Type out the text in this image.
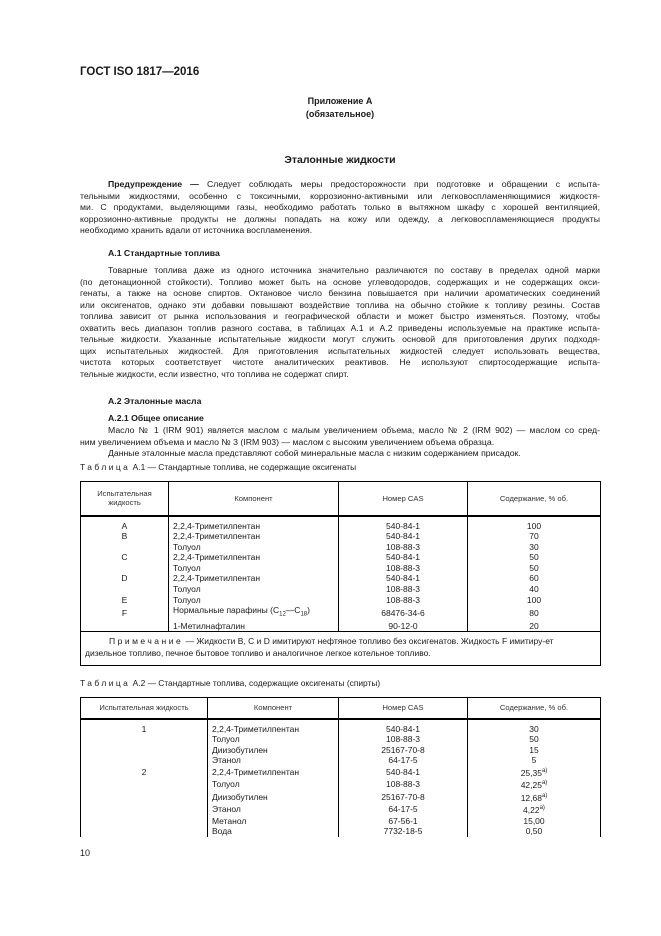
ГОСТ ISO 1817—2016
Приложение А
(обязательное)
Эталонные жидкости
Предупреждение — Следует соблюдать меры предосторожности при подготовке и обращении с испыта-
тельными жидкостями, особенно с токсичными, коррозионно-активными или легковоспламеняющимися жидкостя-
ми. С продуктами, выделяющими газы, необходимо работать только в вытяжном шкафу с хорошей вентиляцией,
коррозионно-активные продукты не должны попадать на кожу или одежду, а легковоспламеняющиеся продукты
необходимо хранить вдали от источника воспламенения.
А.1 Стандартные топлива
Товарные топлива даже из одного источника значительно различаются по составу в пределах одной марки
(по детонационной стойкости). Топливо может быть на основе углеводородов, содержащих и не содержащих окси-
генаты, а также на основе спиртов. Октановое число бензина повышается при наличии ароматических соединений
или оксигенатов, однако эти добавки повышают воздействие топлива на обычно стойкие к топливу резины. Состав
топлива зависит от рынка использования и географической области и может быстро изменяться. Поэтому, чтобы
охватить весь диапазон топлив разного состава, в таблицах А.1 и А.2 приведены используемые на практике испыта-
тельные жидкости. Указанные испытательные жидкости могут служить основой для приготовления других подходя-
щих испытательных жидкостей. Для приготовления испытательных жидкостей следует использовать вещества,
чистота которых соответствует чистоте аналитических реактивов. Не используют спиртосодержащие испыта-
тельные жидкости, если известно, что топлива не содержат спирт.
А.2 Эталонные масла
А.2.1 Общее описание
Масло № 1 (IRM 901) является маслом с малым увеличением объема, масло № 2 (IRM 902) — маслом со сред-
ним увеличением объема и масло № 3 (IRM 903) — маслом с высоким увеличением объема образца.
Данные эталонные масла представляют собой минеральные масла с низким содержанием присадок.
Таблица А.1 — Стандартные топлива, не содержащие оксигенаты
Испытательная жидкость	Компонент	Номер CAS	Содержание, % об.
A	2,2,4-Триметилпентан	540-84-1	100
B	2,2,4-Триметилпентан	540-84-1	70
	Толуол	108-88-3	30
C	2,2,4-Триметилпентан	540-84-1	50
	Толуол	108-88-3	50
D	2,2,4-Триметилпентан	540-84-1	60
	Толуол	108-88-3	40
E	Толуол	108-88-3	100
F	Нормальные парафины $(C_{12}—C_{18})$	68476-34-6	80
	1-Метилнафталин	90-12-0	20
Примечание — Жидкости B, C и D имитируют нефтяное топливо без оксигенатов. Жидкость F имитиру-ет дизельное топливо, печное бытовое топливо и аналогичное легкое котельное топливо.			
Таблица А.2 — Стандартные топлива, содержащие оксигенаты (спирты)
Испытательная жидкость	Компонент	Номер CAS	Содержание, % об.
1	2,2,4-Триметилпентан	540-84-1	30
	Толуол	108-88-3	50
	Диизобутилен	25167-70-8	15
	Этанол	64-17-5	5
2	2,2,4-Триметилпентан	540-84-1	$25,35^{а)}$
	Толуол	108-88-3	$42,25^{а)}$
	Диизобутилен	25167-70-8	$12,68^{а)}$
	Этанол	64-17-5	$4,22^{а)}$
	Метанол	67-56-1	15,00
	Вода	7732-18-5	0,50
10
